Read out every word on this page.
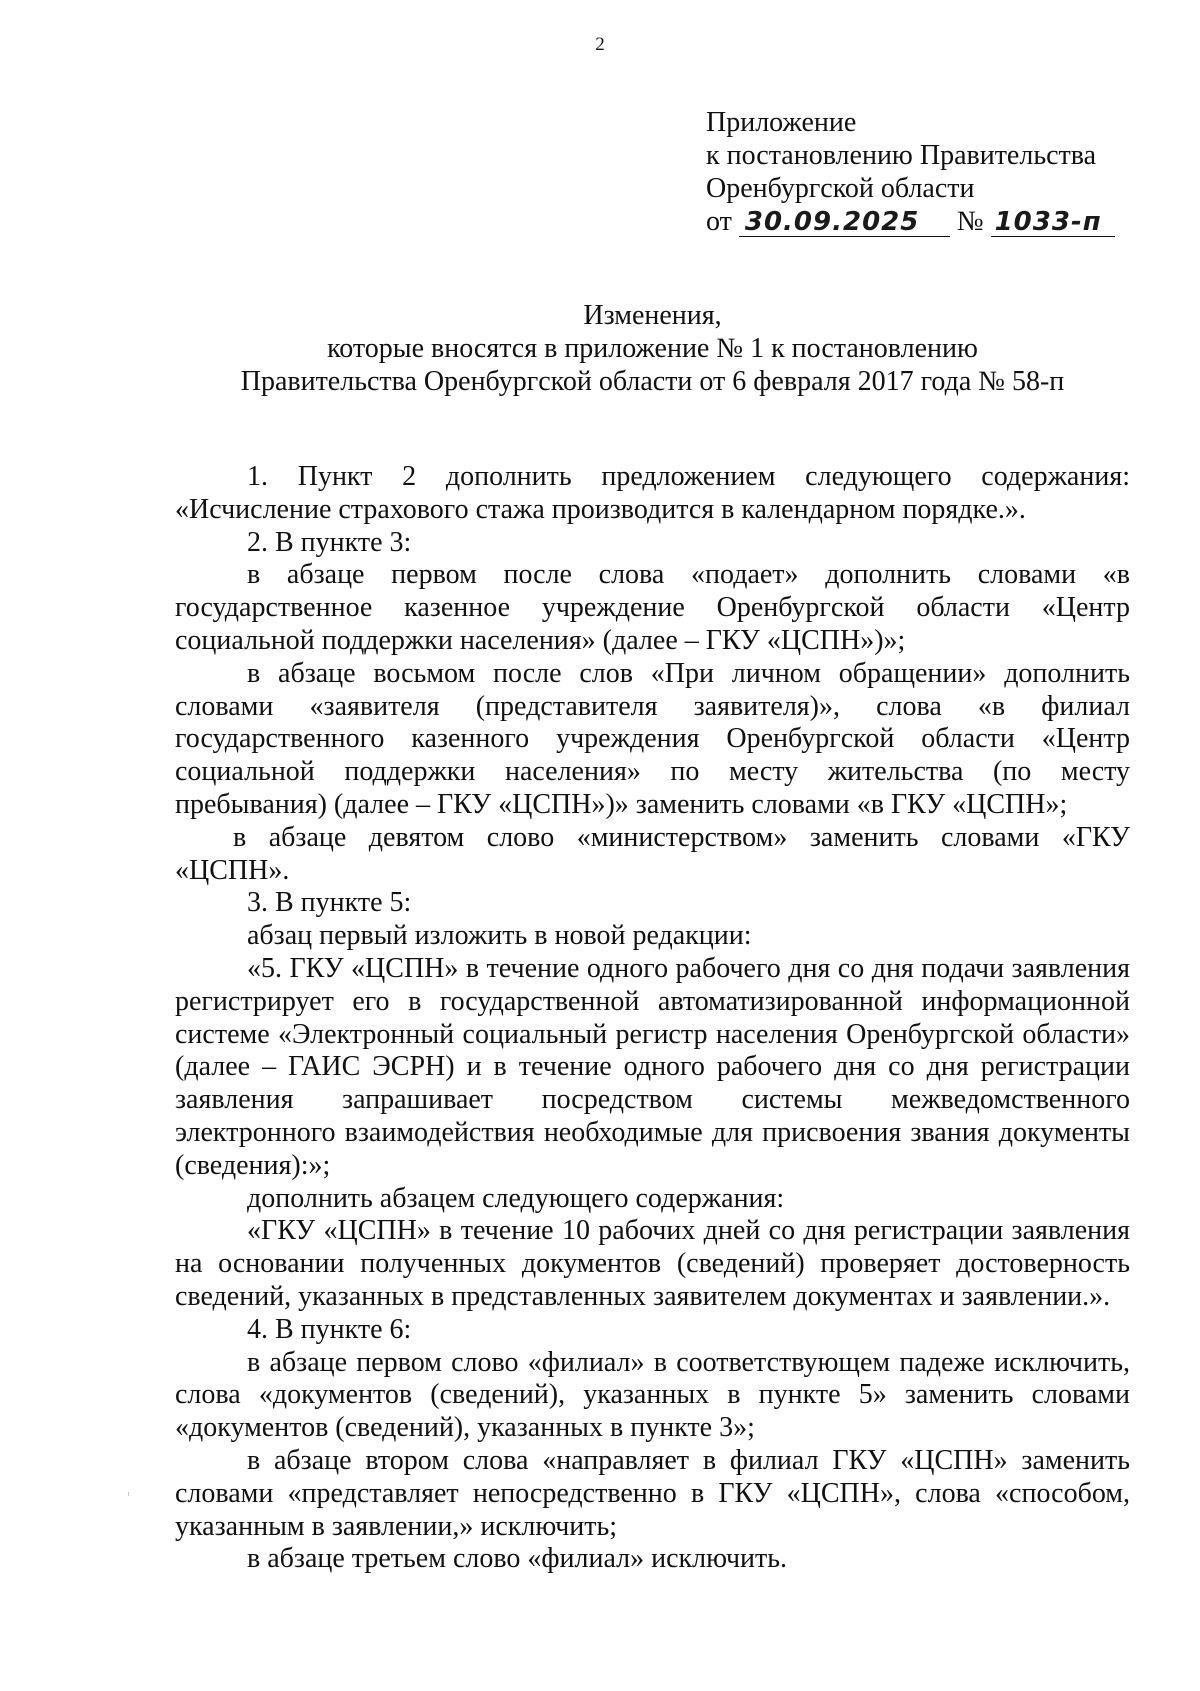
2
Приложение
к постановлению Правительства
Оренбургской области
от 30.09.2025 № 1033-п
Изменения,
которые вносятся в приложение № 1 к постановлению
Правительства Оренбургской области от 6 февраля 2017 года № 58-п

1. Пункт 2 дополнить предложением следующего содержания: «Исчисление страхового стажа производится в календарном порядке.».

2. В пункте 3:

в абзаце первом после слова «подает» дополнить словами «в государственное казенное учреждение Оренбургской области «Центр социальной поддержки населения» (далее – ГКУ «ЦСПН»)»;

в абзаце восьмом после слов «При личном обращении» дополнить словами «заявителя (представителя заявителя)», слова «в филиал государственного казенного учреждения Оренбургской области «Центр социальной поддержки населения» по месту жительства (по месту пребывания) (далее – ГКУ «ЦСПН»)» заменить словами «в ГКУ «ЦСПН»;

в абзаце девятом слово «министерством» заменить словами «ГКУ «ЦСПН».

3. В пункте 5:

абзац первый изложить в новой редакции:

«5. ГКУ «ЦСПН» в течение одного рабочего дня со дня подачи заявления регистрирует его в государственной автоматизированной информационной системе «Электронный социальный регистр населения Оренбургской области» (далее – ГАИС ЭСРН) и в течение одного рабочего дня со дня регистрации заявления запрашивает посредством системы межведомственного электронного взаимодействия необходимые для присвоения звания документы (сведения):»;

дополнить абзацем следующего содержания:

«ГКУ «ЦСПН» в течение 10 рабочих дней со дня регистрации заявления на основании полученных документов (сведений) проверяет достоверность сведений, указанных в представленных заявителем документах и заявлении.».

4. В пункте 6:

в абзаце первом слово «филиал» в соответствующем падеже исключить, слова «документов (сведений), указанных в пункте 5» заменить словами «документов (сведений), указанных в пункте 3»;

в абзаце втором слова «направляет в филиал ГКУ «ЦСПН» заменить словами «представляет непосредственно в ГКУ «ЦСПН», слова «способом, указанным в заявлении,» исключить;

в абзаце третьем слово «филиал» исключить.
